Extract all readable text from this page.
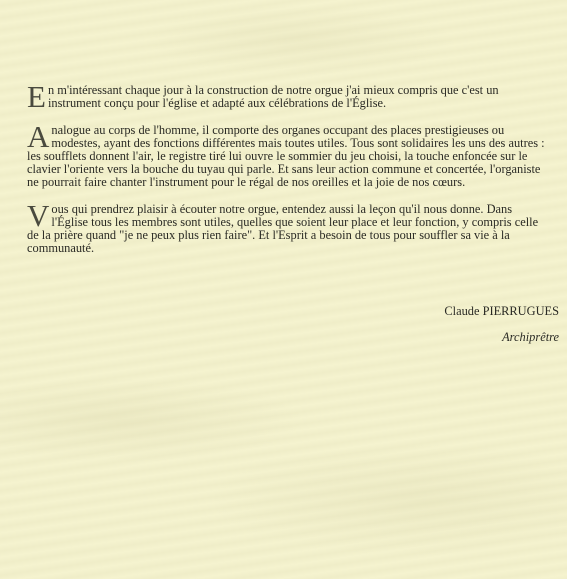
E n m'intéressant chaque jour à la construction de notre orgue j'ai mieux compris que c'est un instrument conçu pour l'église et adapté aux célébrations de l'Église.

A nalogue au corps de l'homme, il comporte des organes occupant des places prestigieuses ou modestes, ayant des fonctions différentes mais toutes utiles. Tous sont solidaires les uns des autres : les soufflets donnent l'air, le registre tiré lui ouvre le sommier du jeu choisi, la touche enfoncée sur le clavier l'oriente vers la bouche du tuyau qui parle. Et sans leur action commune et concertée, l'organiste ne pourrait faire chanter l'instrument pour le régal de nos oreilles et la joie de nos cœurs.

V ous qui prendrez plaisir à écouter notre orgue, entendez aussi la leçon qu'il nous donne. Dans l'Église tous les membres sont utiles, quelles que soient leur place et leur fonction, y compris celle de la prière quand "je ne peux plus rien faire". Et l'Esprit a besoin de tous pour souffler sa vie à la communauté.

Claude PIERRUGUES
Archiprêtre
